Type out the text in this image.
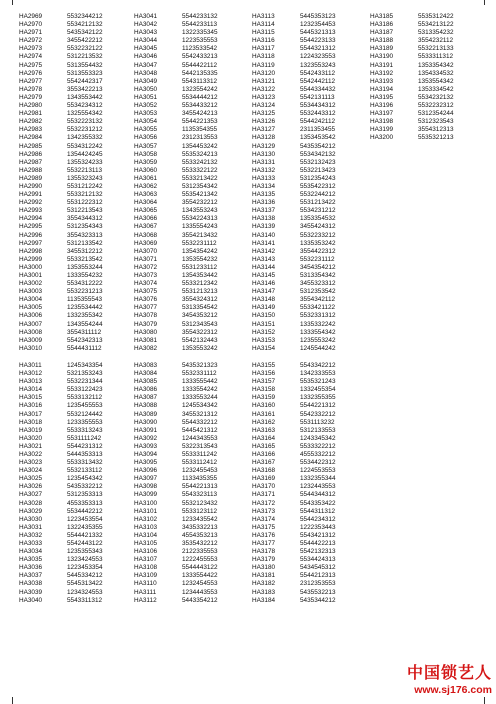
HA2969	5532344212
HA2970	5534212132
HA2971	5435342122
HA2972	3455422212
HA2973	5532232122
HA2974	5312213532
HA2975	5313554432
HA2976	5313553323
HA2977	5542442317
HA2978	3553422213
HA2979	1343553442
HA2980	5534234312
HA2981	1325554342
HA2982	5532223132
HA2983	5532231212
HA2984	1342355332
HA2985	5534312242
HA2986	1354424245
HA2987	1355324233
HA2988	5532213113
HA2989	1355323243
HA2990	5531212242
HA2991	5533212132
HA2992	5531222312
HA2993	5312213543
HA2994	3554344312
HA2995	5312354343
HA2996	3554323313
HA2997	5312133542
HA2998	3455312212
HA2999	5533213542
HA3000	1353553244
HA3001	1333554232
HA3002	5534312222
HA3003	5532231213
HA3004	1135355543
HA3005	1235534442
HA3006	1332355342
HA3007	1343554244
HA3008	3554311112
HA3009	5542342313
HA3010	5544431112
HA3011	1245343354
HA3012	5321353243
HA3013	5532231344
HA3014	5533122423
HA3015	5533132112
HA3016	1235455553
HA3017	5532124442
HA3018	1233355553
HA3019	5533313243
HA3020	5531111242
HA3021	5544231312
HA3022	5444353313
HA3023	5533313432
HA3024	5532133112
HA3025	1235454342
HA3026	5435332212
HA3027	5312353313
HA3028	4553353313
HA3029	5534442212
HA3030	1223453554
HA3031	1322435355
HA3032	5544421332
HA3033	5542443122
HA3034	1235355343
HA3035	1323424553
HA3036	1223453354
HA3037	5445334212
HA3038	5545313422
HA3039	1234324553
HA3040	5543311312
HA3041	5544233132
HA3042	5544233113
HA3043	1322335345
HA3044	1223535553
HA3045	1123533542
HA3046	5542433213
HA3047	5544422112
HA3048	5442135335
HA3049	5543113312
HA3050	1323554242
HA3051	5534444212
HA3052	5534433212
HA3053	3455424213
HA3054	5544221353
HA3055	1135354355
HA3056	2312313553
HA3057	1354453242
HA3058	5535324213
HA3059	5533242132
HA3060	5533322122
HA3061	5533213422
HA3062	5312354342
HA3063	5535421342
HA3064	3554232212
HA3065	1343553243
HA3066	5534224313
HA3067	1335554243
HA3068	3554213432
HA3069	5532231112
HA3070	1354354242
HA3071	1353554232
HA3072	5531233112
HA3073	1354353442
HA3074	5533212342
HA3075	5531213213
HA3076	3554324312
HA3077	5313354542
HA3078	3454353212
HA3079	5312343543
HA3080	3554322312
HA3081	5542132443
HA3082	1353553242
HA3083	5435321323
HA3084	5532331112
HA3085	1333555442
HA3086	1333554242
HA3087	1333553244
HA3088	1245534342
HA3089	3455321312
HA3090	5544332212
HA3091	5445421312
HA3092	1244343553
HA3093	5322313543
HA3094	5533311242
HA3095	5533112412
HA3096	1232455453
HA3097	1133435355
HA3098	5544221313
HA3099	5543323113
HA3100	5532123432
HA3101	5533123112
HA3102	1233435542
HA3103	3435332213
HA3104	4554353213
HA3105	3535432212
HA3106	2122335553
HA3107	1222455553
HA3108	5544443122
HA3109	1333554422
HA3110	1232454553
HA3111	1234443553
HA3112	5443354212
HA3113	5445353123
HA3114	1232354453
HA3115	5445321313
HA3116	5544223133
HA3117	5544321312
HA3118	1224323553
HA3119	1323553243
HA3120	5542433112
HA3121	5542442112
HA3122	5544334432
HA3123	5542131113
HA3124	5534434312
HA3125	5532443312
HA3126	5544242112
HA3127	2311353455
HA3128	1353453542
HA3129	5435354212
HA3130	5534342132
HA3131	5532132423
HA3132	5532213423
HA3133	5312354243
HA3134	5535422312
HA3135	5532244212
HA3136	5531213422
HA3137	5534231212
HA3138	1353354532
HA3139	3455424312
HA3140	5532233212
HA3141	1335353242
HA3142	3554422312
HA3143	5532231112
HA3144	3454354212
HA3145	5313354342
HA3146	3455323312
HA3147	5312353542
HA3148	3554342112
HA3149	5533421122
HA3150	5532331312
HA3151	1335332242
HA3152	1333554342
HA3153	1235553242
HA3154	1245544242
HA3155	5543342212
HA3156	1342333553
HA3157	5535321243
HA3158	1332455354
HA3159	1332355355
HA3160	5544221312
HA3161	5542332212
HA3162	5531113232
HA3163	5312133553
HA3164	1243345342
HA3165	5533322212
HA3166	4555332212
HA3167	5534422312
HA3168	1224553553
HA3169	1332355344
HA3170	1232443553
HA3171	5544344312
HA3172	5543353422
HA3173	5544311312
HA3174	5544234312
HA3175	1222353443
HA3176	5543421312
HA3177	5544422213
HA3178	5542132313
HA3179	5534424313
HA3180	5434545312
HA3181	5544212313
HA3182	2312353553
HA3183	5435532213
HA3184	5435344212
HA3185	5535312422
HA3186	5534213122
HA3187	5313354232
HA3188	3554232112
HA3189	5532213133
HA3190	5533311312
HA3191	1353354342
HA3192	1354334532
HA3193	1353554342
HA3194	1353334542
HA3195	5534232132
HA3196	5532232312
HA3197	5312354244
HA3198	5312323543
HA3199	3554312313
HA3200	5535321213
中国锁艺人
www.sj176.com
